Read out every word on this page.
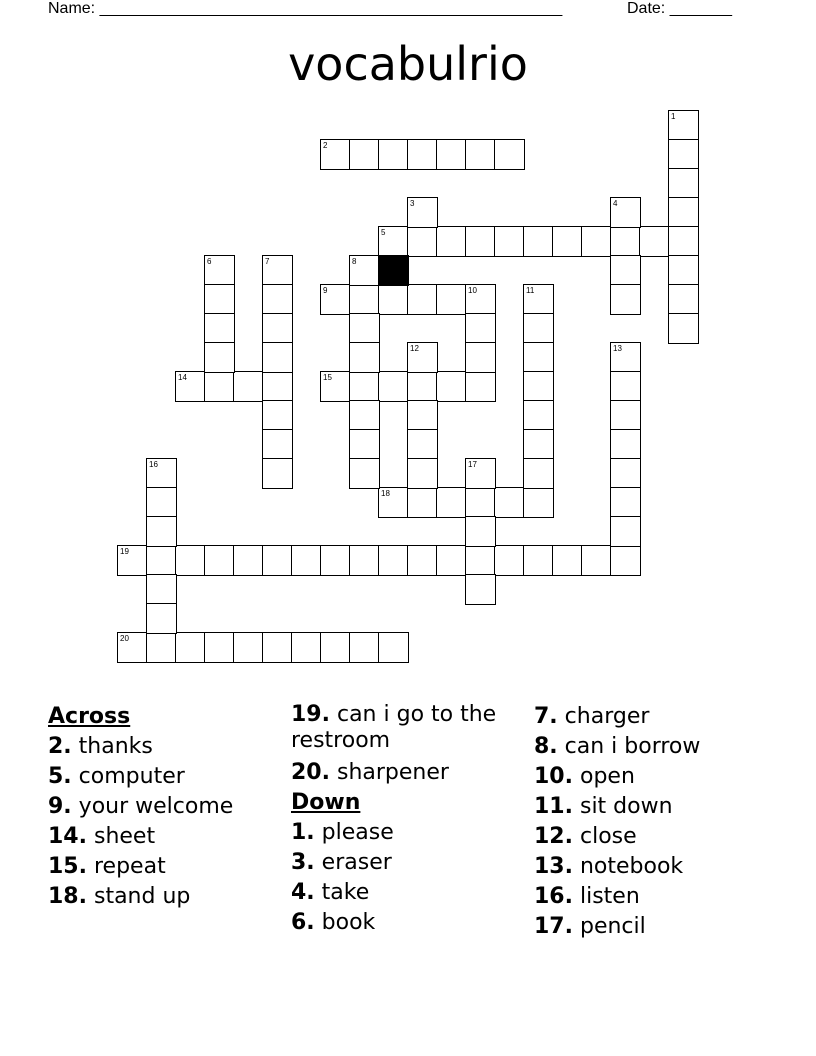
Name: ____________________________________________________	Date: _______
vocabulrio
2
5
9	10
14	15
18
19
20
1
3	4
6	7	8
11
12	13
16	17
Across
2. thanks
5. computer
9. your welcome
14. sheet
15. repeat
18. stand up
19. can i go to the restroom
20. sharpener
Down
1. please
3. eraser
4. take
6. book
7. charger
8. can i borrow
10. open
11. sit down
12. close
13. notebook
16. listen
17. pencil
